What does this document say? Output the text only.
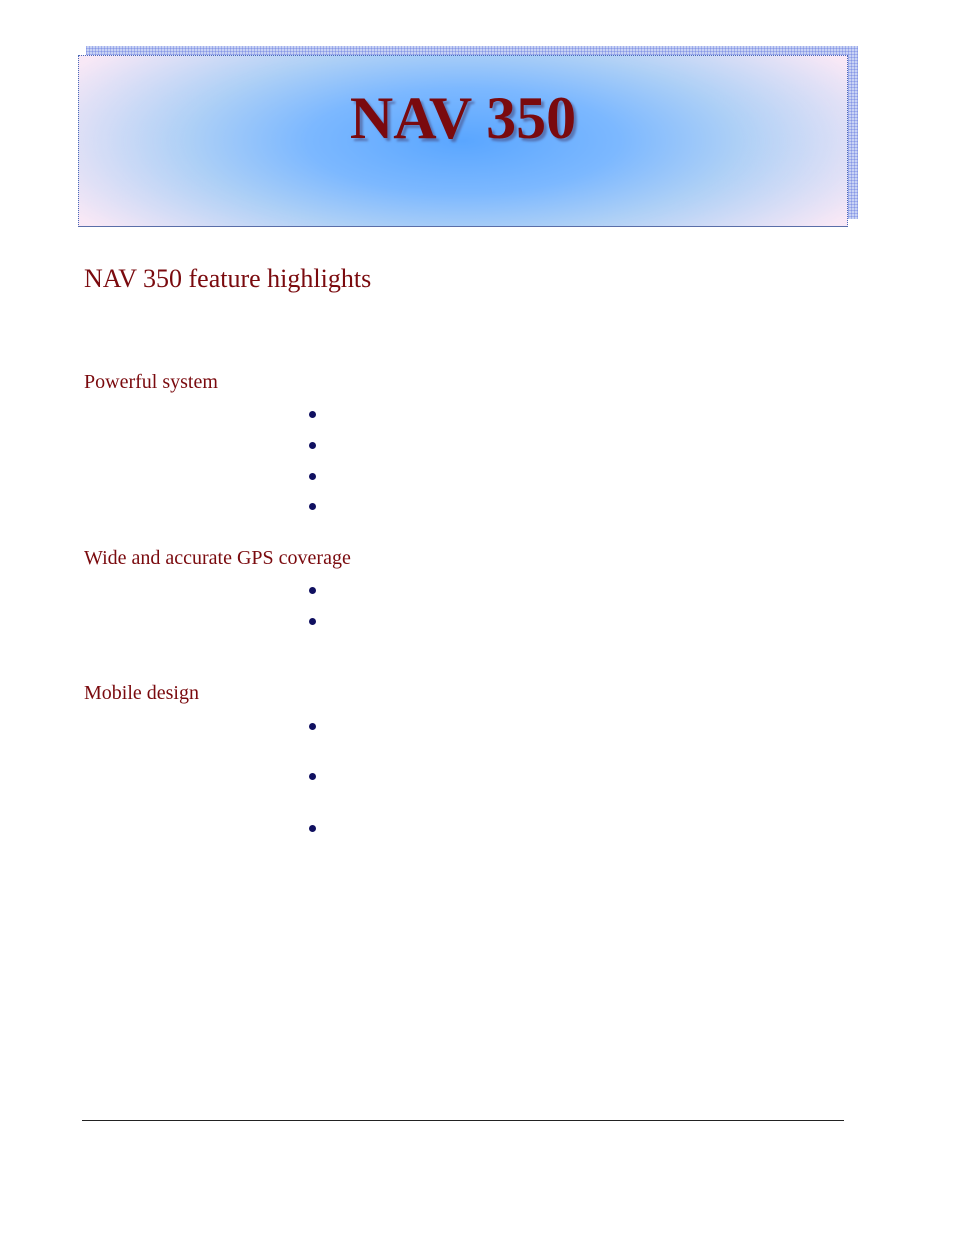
NAV 350
NAV 350 feature highlights
Powerful system
Wide and accurate GPS coverage
Mobile design
